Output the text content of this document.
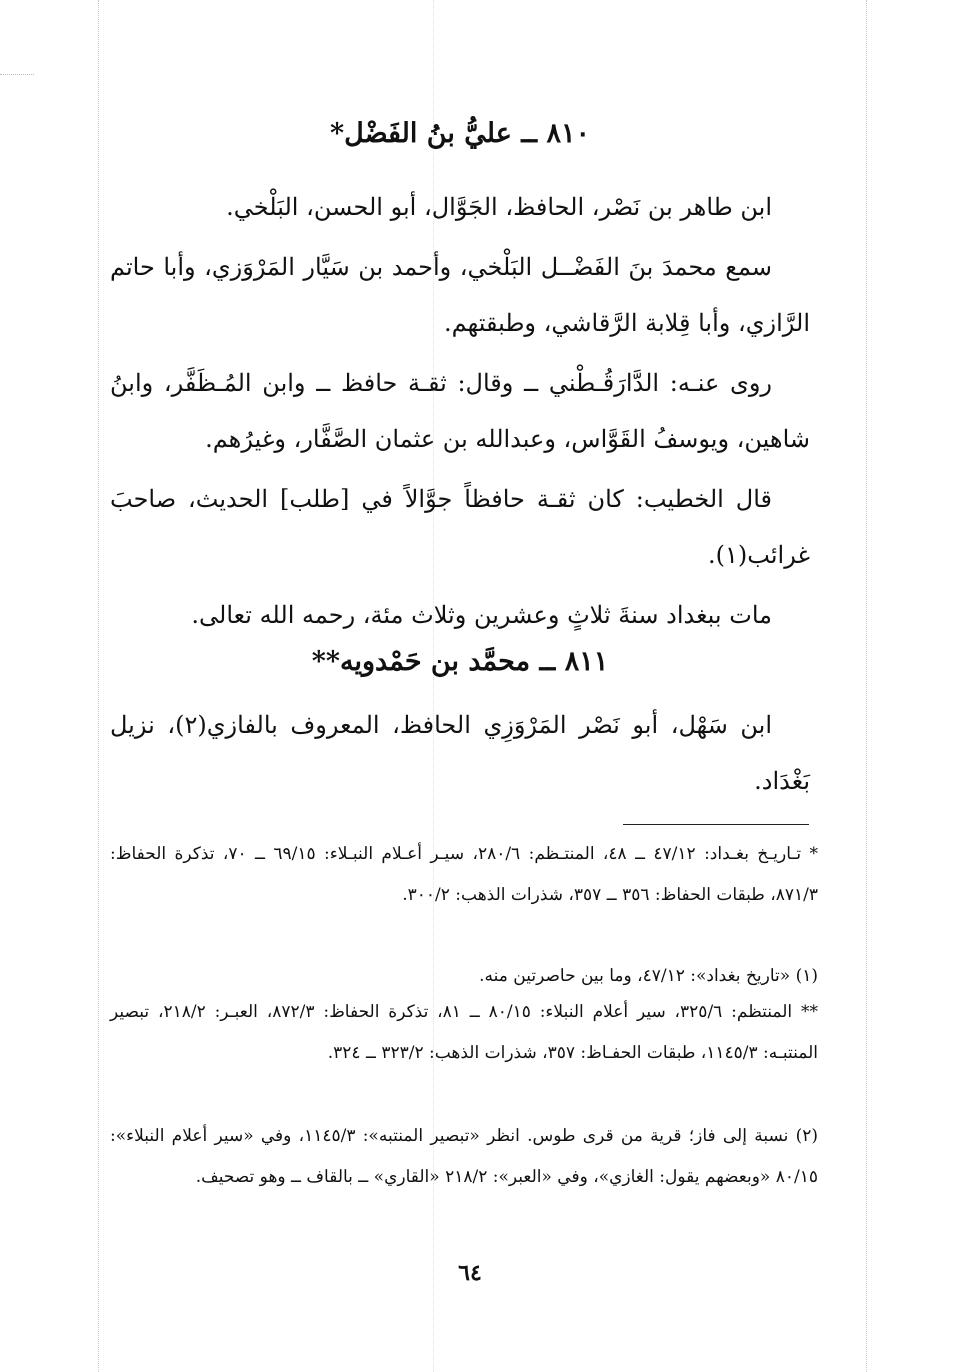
٨١٠ ــ عليُّ بنُ الفَضْل*

ابن طاهر بن نَصْر، الحافظ، الجَوَّال، أبو الحسن، البَلْخي.

سمع محمدَ بنَ الفَضْــل البَلْخي، وأحمد بن سَيَّار المَرْوَزي، وأبا حاتم الرَّازي، وأبا قِلابة الرَّقاشي، وطبقتهم.

روى عنـه: الدَّارَقُـطْني ــ وقال: ثقـة حافظ ــ وابن المُـظَفَّر، وابنُ شاهين، ويوسفُ القَوَّاس، وعبدالله بن عثمان الصَّفَّار، وغيرُهم.

قال الخطيب: كان ثقـة حافظاً جوَّالاً في [طلب] الحديث، صاحبَ غرائب(١).

مات ببغداد سنةَ ثلاثٍ وعشرين وثلاث مئة، رحمه الله تعالى.

٨١١ ــ محمَّد بن حَمْدويه**

ابن سَهْل، أبو نَصْر المَرْوَزِي الحافظ، المعروف بالفازي(٢)، نزيل بَغْدَاد.

* تـاريـخ بغـداد: ٤٧/١٢ ــ ٤٨، المنتـظم: ٢٨٠/٦، سيـر أعـلام النبـلاء: ٦٩/١٥ ــ ٧٠، تذكرة الحفاظ: ٨٧١/٣، طبقات الحفاظ: ٣٥٦ ــ ٣٥٧، شذرات الذهب: ٣٠٠/٢.

(١) «تاريخ بغداد»: ٤٧/١٢، وما بين حاصرتين منه.

** المنتظم: ٣٢٥/٦، سير أعلام النبلاء: ٨٠/١٥ ــ ٨١، تذكرة الحفاظ: ٨٧٢/٣، العبـر: ٢١٨/٢، تبصير المنتبـه: ١١٤٥/٣، طبقات الحفـاظ: ٣٥٧، شذرات الذهب: ٣٢٣/٢ ــ ٣٢٤.

(٢) نسبة إلى فاز؛ قرية من قرى طوس. انظر «تبصير المنتبه»: ١١٤٥/٣، وفي «سير أعلام النبلاء»: ٨٠/١٥ «وبعضهم يقول: الغازي»، وفي «العبر»: ٢١٨/٢ «القاري» ــ بالقاف ــ وهو تصحيف.

٦٤
